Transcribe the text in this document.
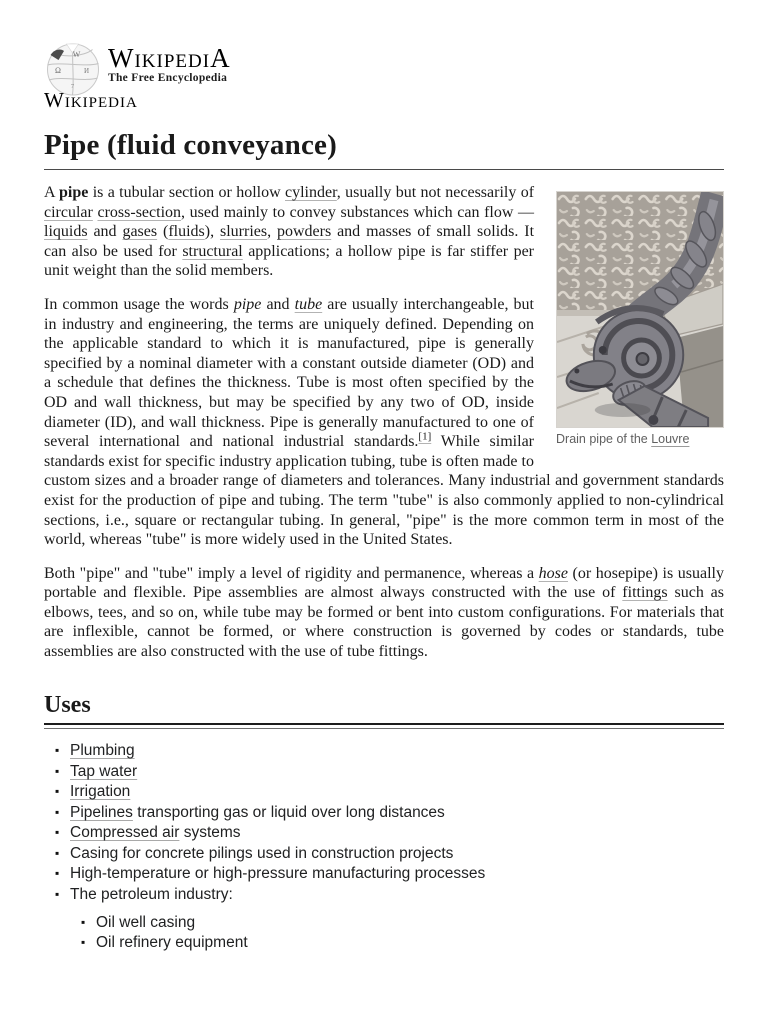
W
Ω	И
7
WikipediA
The Free Encyclopedia
Wikipedia
Pipe (fluid conveyance)
Drain pipe of the Louvre

A pipe is a tubular section or hollow cylinder, usually but not necessarily of circular cross-section, used mainly to convey substances which can flow — liquids and gases (fluids), slurries, powders and masses of small solids. It can also be used for structural applications; a hollow pipe is far stiffer per unit weight than the solid members.

In common usage the words pipe and tube are usually interchangeable, but in industry and engineering, the terms are uniquely defined. Depending on the applicable standard to which it is manufactured, pipe is generally specified by a nominal diameter with a constant outside diameter (OD) and a schedule that defines the thickness. Tube is most often specified by the OD and wall thickness, but may be specified by any two of OD, inside diameter (ID), and wall thickness. Pipe is generally manufactured to one of several international and national industrial standards.[1] While similar standards exist for specific industry application tubing, tube is often made to custom sizes and a broader range of diameters and tolerances. Many industrial and government standards exist for the production of pipe and tubing. The term "tube" is also commonly applied to non-cylindrical sections, i.e., square or rectangular tubing. In general, "pipe" is the more common term in most of the world, whereas "tube" is more widely used in the United States.

Both "pipe" and "tube" imply a level of rigidity and permanence, whereas a hose (or hosepipe) is usually portable and flexible. Pipe assemblies are almost always constructed with the use of fittings such as elbows, tees, and so on, while tube may be formed or bent into custom configurations. For materials that are inflexible, cannot be formed, or where construction is governed by codes or standards, tube assemblies are also constructed with the use of tube fittings.

Uses
▪ Plumbing
▪ Tap water
▪ Irrigation
▪ Pipelines transporting gas or liquid over long distances
▪ Compressed air systems
▪ Casing for concrete pilings used in construction projects
▪ High-temperature or high-pressure manufacturing processes
▪ The petroleum industry:
▪ Oil well casing
▪ Oil refinery equipment
